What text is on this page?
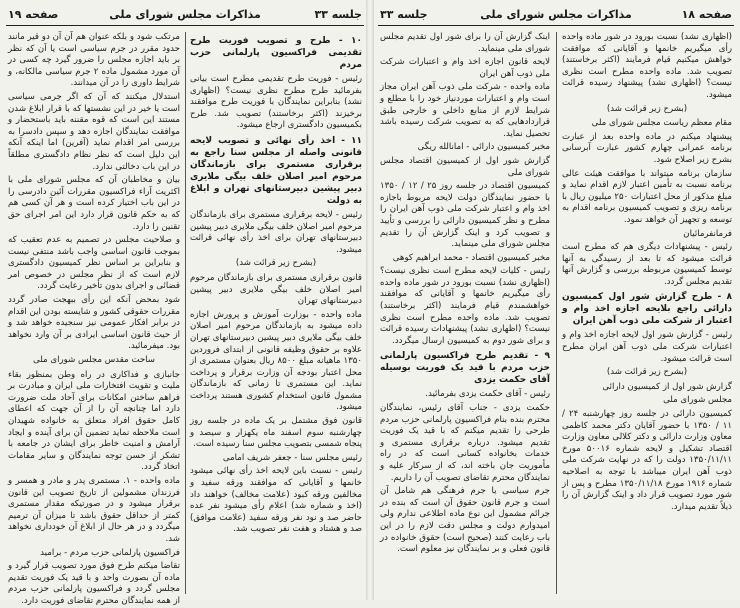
جلسه ۳۳
مذاکرات مجلس شورای ملی
صفحه ۱۹
۱۰ - طرح و تصویب فوریت طرح تقدیمی فراکسیون پارلمانی حزب مردم

رئیس - فوریت طرح تقدیمی مطرح است بیانی بفرمائید طرح مطرح نظری نیست؟ (اظهاری نشد) بنابراین نمایندگان با فوریت طرح موافقند برخیزند (اکثر برخاستند) تصویب شد. طرح بکمیسیون دادگستری ارجاع میشود.

۱۱ - اخذ رأی نهائی و تصویب لایحه قانونی واصله از مجلس سنا راجع به برقراری مستمری برای بازماندگان مرحوم امیر اصلان خلف بیگی ملایری دبیر پیشین دبیرستانهای تهران و ابلاغ به دولت

رئیس - لایحه برقراری مستمری برای بازماندگان مرحوم امیر اصلان خلف بیگی ملایری دبیر پیشین دبیرستانهای تهران برای اخذ رأی نهائی قرائت میشود.

(بشرح زیر قرائت شد)

قانون برقراری مستمری برای بازماندگان مرحوم امیر اصلان خلف بیگی ملایری دبیر پیشین دبیرستانهای تهران

ماده واحده - بوزارت آموزش و پرورش اجازه داده میشود به بازماندگان مرحوم امیر اصلان خلف بیگی ملایری دبیر پیشین دبیرستانهای تهران علاوه بر حقوق وظیفه قانونی از ابتدای فروردین ۱۳۵۰ ماهیانه مبلغ ۸۵۰۰ ریال بعنوان مستمری از محل اعتبار بودجه آن وزارت برقرار و پرداخت نماید. این مستمری تا زمانی که بازماندگان مشمول قانون استخدام کشوری هستند پرداخت میشود.

قانون فوق مشتمل بر یک ماده در جلسه روز چهارشنبه سوم اسفند ماه یکهزار و سیصد و پنجاه شمسی بتصویب مجلس سنا رسیده است.

رئیس مجلس سنا - جعفر شریف امامی

رئیس - نسبت باین لایحه اخذ رأی نهائی میشود خانمها و آقایانی که موافقند ورقه سفید و مخالفین ورقه کبود (علامت مخالف) خواهند داد (اخذ و شماره شد) اعلام رأی میشود نفر عده حاضر صد و نود نفر ورقه سفید (علامت موافق) صد و هشتاد و هفت نفر تصویب شد.

مرتکب شود و بلکه عنوان هم آن آن دو قیر مانند حدود مقرر در جرم سیاسی است یا آن که نظر بر باید اجازه مجلس را ضرور گیرد چه کسی در آن مورد مشمول ماده ۲ جرم سیاسی مالکانه، و شرایط داوری را در آن میدانند.

استدلال میکنند که آن که اگر جرمی سیاسی است یا خیر در این نشستها که با قرار ابلاغ شدن مستند این است که قوه مقننه باید باستحضار و موافقت نمایندگان اجازه دهد و سپس دادسرا به بررسی امر اقدام نماید (آفرین) اما اینکه آنکه این دلیل است که نظر نظام دادگستری مطلقاً در این باب دخالتی ندارد.

بیان و مخاطبان آن که مجلس شورای ملی با اکثریت آراء فراکسیون مقررات آئین دادرسی را در این باب اختیار کرده است و هر آن کسی هم که به حکم قانون قرار دارد این امر اجرای حق تقنین را دارد.

و صلاحیت مجلس در تصمیم به عدم تعقیب که بموجب قانون اساسی واجب باشد منتفی نیست و بنابراین بر اساس نظر کمیسیون دادگستری لازم است که از نظر مجلس در خصوص امر قضائی و اجرای بدون تأخیر رعایت گردد.

شود بمحض آنکه این رأی ببهجت صادر گردد مقررات حقوقی کشور و شایسته بودن این اقدام در برابر افکار عمومی نیز سنجیده خواهد شد و از حیث قانون اساسی ایرادی بر آن وارد نخواهد بود. میفرمائید.

ساحت مقدس مجلس شورای ملی

جانبازی و فداکاری در راه وطن بمنظور بقاء ملیت و تقویت افتخارات ملی ایران و مبادرت بر فراهم ساختن امکانات برای آحاد ملت ضرورت دارد اما چنانچه آن را از آن جهت که اعطای کامل حقوق افراد متعلق به خانواده شهیدان است ملاحظه نماید تضمین آن برای آینده و ایجاد آرامش و امنیت خاطر برای ایشان در جامعه با تشکر از حسن توجه نمایندگان و سایر مقامات اتخاذ گردد.

ماده واحده - ۱. مستمری پدر و مادر و همسر و فرزندان مشمولین از تاریخ تصویب این قانون برقرار میشود و در صورتیکه مقدار مستمری کمتر از حداقل حقوق باشد تا میزان آن ترمیم میگردد و در هر حال از ابلاغ آن خودداری نخواهد شد.

فراکسیون پارلمانی حزب مردم - برامید

تقاضا میکنم طرح فوق مورد تصویب قرار گیرد و ماده آن بصورت واحد و با قید یک فوریت تقدیم مجلس گردد و فراکسیون پارلمانی حزب مردم از همه نمایندگان محترم تقاضای فوریت دارد.

صفحه ۱۸
مذاکرات مجلس شورای ملی
جلسه ۳۳

(اظهاری نشد) نسبت بورود در شور ماده واحده رأی میگیریم خانمها و آقایانی که موافقت خواهش میکنیم قیام فرمایند (اکثر برخاستند) تصویب شد. ماده واحده مطرح است نظری نیست؟ (اظهاری نشد) پیشنهاد رسیده قرائت میشود.

(بشرح زیر قرائت شد)

مقام معظم ریاست مجلس شورای ملی

پیشنهاد میکنم در ماده واحده بعد از عبارت برنامه عمرانی چهارم کشور عبارت آبرسانی بشرح زیر اصلاح شود.

سازمان برنامه میتواند با موافقت هیئت عالی برنامه نسبت به تأمین اعتبار لازم اقدام نماید و مبلغ مذکور از محل اعتبارات ۲۵۰ میلیون ریال با برنامه ریزی و تصویب کمیسیون برنامه اقدام به توسعه و تجهیز آن خواهد نمود.

فرمانفرمائیان

رئیس - پیشنهادات دیگری هم که مطرح است قرائت میشود که تا بعد از رسیدگی به آنها توسط کمیسیون مربوطه بررسی و گزارش آنها تقدیم مجلس گردد.

۸ - طرح گزارش شور اول کمیسیون دارائی راجع بلایحه اجازه اخذ وام و اعتبار از شرکت ملی ذوب آهن ایران

رئیس - گزارش شور اول لایحه اجازه اخذ وام و اعتبارات شرکت ملی ذوب آهن ایران مطرح است قرائت میشود.

(بشرح زیر قرائت شد)

گزارش شور اول از کمیسیون دارائی

مجلس شورای ملی

کمیسیون دارائی در جلسه روز چهارشنبه ۲۴ / ۱۱ / ۱۳۵۰ با حضور آقایان دکتر محمد کاظمی معاون وزارت دارائی و دکتر کلالی معاون وزارت اقتصاد تشکیل و لایحه شماره ۵۰۰۱۶ مورخ ۱۳۵۰/۱۱/۱۱ دولت را که در نهایت شرکت ملی ذوب آهن ایران میباشد با توجه به اصلاحیه شماره ۱۹۱۶ مورخ ۱۳۵۰/۱۱/۱۸ مطرح و پس از شور مورد تصویب قرار داد و اینک گزارش آن را ذیلاً تقدیم میدارد.

اینک گزارش آن را برای شور اول تقدیم مجلس شورای ملی مینماید.

لایحه قانون اجازه اخذ وام و اعتبارات شرکت ملی ذوب آهن ایران

ماده واحده - شرکت ملی ذوب آهن ایران مجاز است وام و اعتبارات موردنیاز خود را با مطلع و شرایط لازم از منابع داخلی و خارجی طبق قراردادهایی که به تصویب شرکت رسیده باشد تحصیل نماید.

مخبر کمیسیون دارائی - امانالله ریگی

گزارش شور اول از کمیسیون اقتصاد مجلس شورای ملی

کمیسیون اقتصاد در جلسه روز ۲۵ / ۱۲ / ۱۳۵۰ با حضور نمایندگان دولت لایحه مربوط باجازه اخذ وام و اعتبار شرکت ملی ذوب آهن ایران را مطرح و نظر کمیسیون دارائی را بررسی و تأیید و تصویب کرد و اینک گزارش آن را تقدیم مجلس شورای ملی مینماید.

مخبر کمیسیون اقتصاد - محمد ابراهیم کوهی

رئیس - کلیات لایحه مطرح است نظری نیست؟ (اظهاری نشد) نسبت بورود در شور ماده واحده رأی میگیریم خانمها و آقایانی که موافقند خواهشمندم قیام فرمایند (اکثر برخاستند) تصویب شد. ماده واحده مطرح است نظری نیست؟ (اظهاری نشد) پیشنهادات رسیده قرائت و برای شور دوم به کمیسیون ارسال میگردد.

۹ - تقدیم طرح فراکسیون پارلمانی حزب مردم با قید یک فوریت بوسیله آقای حکمت یزدی

رئیس - آقای حکمت یزدی بفرمائید.

حکمت یزدی - جناب آقای رئیس، نمایندگان محترم بنده بنام فراکسیون پارلمانی حزب مردم طرحی را تقدیم میکنم که با قید یک فوریت تقدیم میشود. درباره برقراری مستمری و خدمات بخانواده کسانی است که در راه مأموریت جان باخته اند، که از سرکار علیه و نمایندگان محترم تقاضای تصویب آن را داریم.

جرم سیاسی یا جرم فرهنگی هم شامل آن است و جرم قانون حقوق آن است که بنده در جرائم مشمول این نوع ماده اطلاعی ندارم ولی امیدوارم دولت و مجلس دقت لازم را در این باب رعایت کنند (صحیح است) حقوق خانواده در قانون فعلی و بر نمایندگان نیز معلوم است.
